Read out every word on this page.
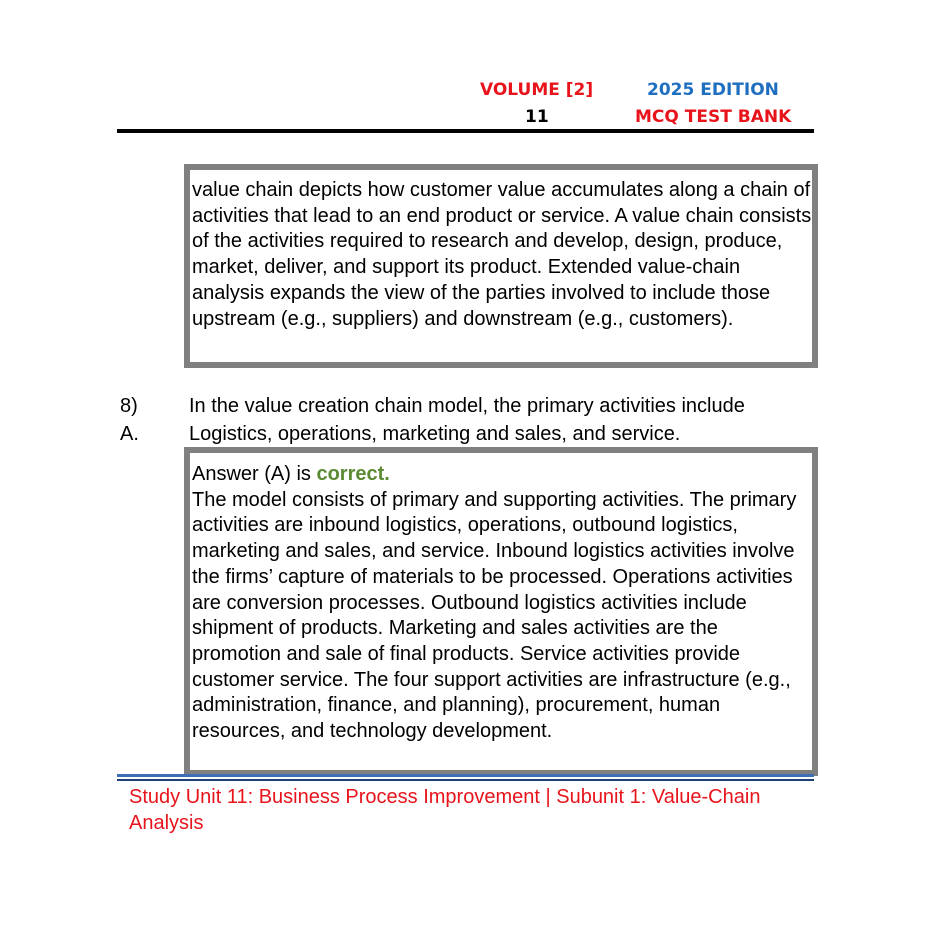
VOLUME [2]	2025 EDITION
11	MCQ TEST BANK

value chain depicts how customer value accumulates along a chain of activities that lead to an end product or service. A value chain consists of the activities required to research and develop, design, produce, market, deliver, and support its product. Extended value-chain analysis expands the view of the parties involved to include those upstream (e.g., suppliers) and downstream (e.g., customers).

8)	In the value creation chain model, the primary activities include
A.	Logistics, operations, marketing and sales, and service.

Answer (A) is correct.

The model consists of primary and supporting activities. The primary activities are inbound logistics, operations, outbound logistics, marketing and sales, and service. Inbound logistics activities involve the firms’ capture of materials to be processed. Operations activities are conversion processes. Outbound logistics activities include shipment of products. Marketing and sales activities are the promotion and sale of final products. Service activities provide customer service. The four support activities are infrastructure (e.g., administration, finance, and planning), procurement, human resources, and technology development.

Study Unit 11: Business Process Improvement | Subunit 1: Value-Chain Analysis
